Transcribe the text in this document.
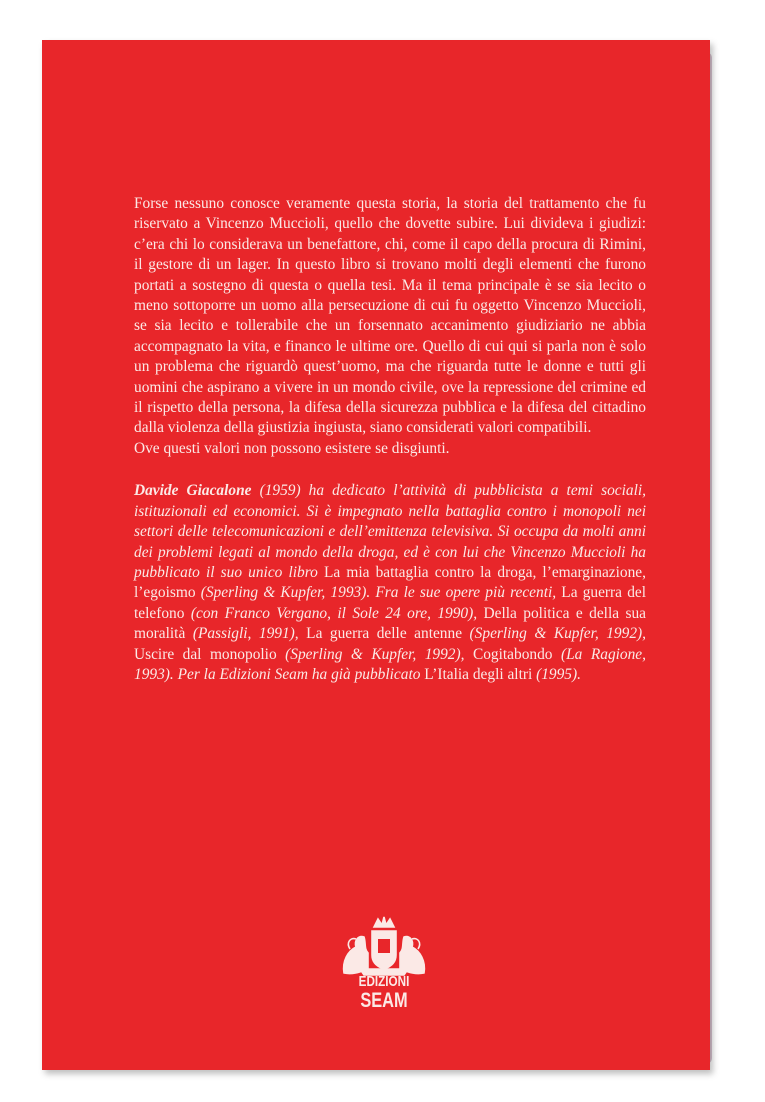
Forse nessuno conosce veramente questa storia, la storia del trattamento che fu riservato a Vincenzo Muccioli, quello che dovette subire. Lui divideva i giudizi: c’era chi lo considerava un benefattore, chi, come il capo della procura di Rimini, il gestore di un lager. In questo libro si trovano molti degli elementi che furono portati a sostegno di questa o quella tesi. Ma il tema principale è se sia lecito o meno sottoporre un uomo alla persecuzione di cui fu oggetto Vincenzo Muccioli, se sia lecito e tollerabile che un forsennato accanimento giudiziario ne abbia accompagnato la vita, e financo le ultime ore. Quello di cui qui si parla non è solo un problema che riguardò quest’uomo, ma che riguarda tutte le donne e tutti gli uomini che aspirano a vivere in un mondo civile, ove la repressione del crimine ed il rispetto della persona, la difesa della sicurezza pubblica e la difesa del cittadino dalla violenza della giustizia ingiusta, siano considerati valori compatibili.

Ove questi valori non possono esistere se disgiunti.

Davide Giacalone (1959) ha dedicato l’attività di pubblicista a temi sociali, istituzionali ed economici. Si è impegnato nella battaglia contro i monopoli nei settori delle telecomunicazioni e dell’emittenza televisiva. Si occupa da molti anni dei problemi legati al mondo della droga, ed è con lui che Vincenzo Muccioli ha pubblicato il suo unico libro La mia battaglia contro la droga, l’emarginazione, l’egoismo (Sperling & Kupfer, 1993). Fra le sue opere più recenti, La guerra del telefono (con Franco Vergano, il Sole 24 ore, 1990), Della politica e della sua moralità (Passigli, 1991), La guerra delle antenne (Sperling & Kupfer, 1992), Uscire dal monopolio (Sperling & Kupfer, 1992), Cogitabondo (La Ragione, 1993). Per la Edizioni Seam ha già pubblicato L’Italia degli altri (1995).

EDIZIONI
SEAM
